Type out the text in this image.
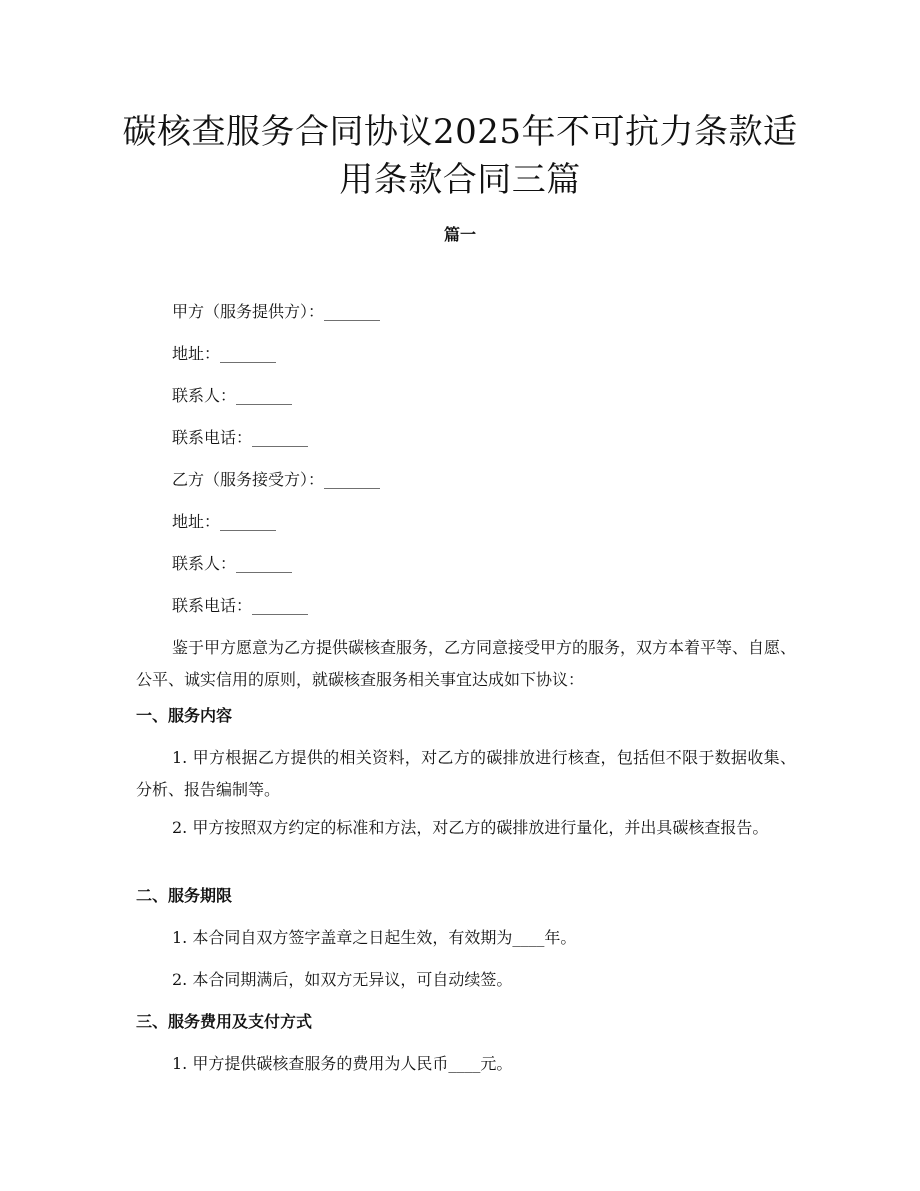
碳核查服务合同协议2025年不可抗力条款适用条款合同三篇
篇一
甲方（服务提供方）：_______
地址：_______
联系人：_______
联系电话：_______
乙方（服务接受方）：_______
地址：_______
联系人：_______
联系电话：_______

鉴于甲方愿意为乙方提供碳核查服务，乙方同意接受甲方的服务，双方本着平等、自愿、公平、诚实信用的原则，就碳核查服务相关事宜达成如下协议：

一、服务内容

1. 甲方根据乙方提供的相关资料，对乙方的碳排放进行核查，包括但不限于数据收集、分析、报告编制等。

2. 甲方按照双方约定的标准和方法，对乙方的碳排放进行量化，并出具碳核查报告。

二、服务期限

1. 本合同自双方签字盖章之日起生效，有效期为____年。

2. 本合同期满后，如双方无异议，可自动续签。

三、服务费用及支付方式

1. 甲方提供碳核查服务的费用为人民币____元。
